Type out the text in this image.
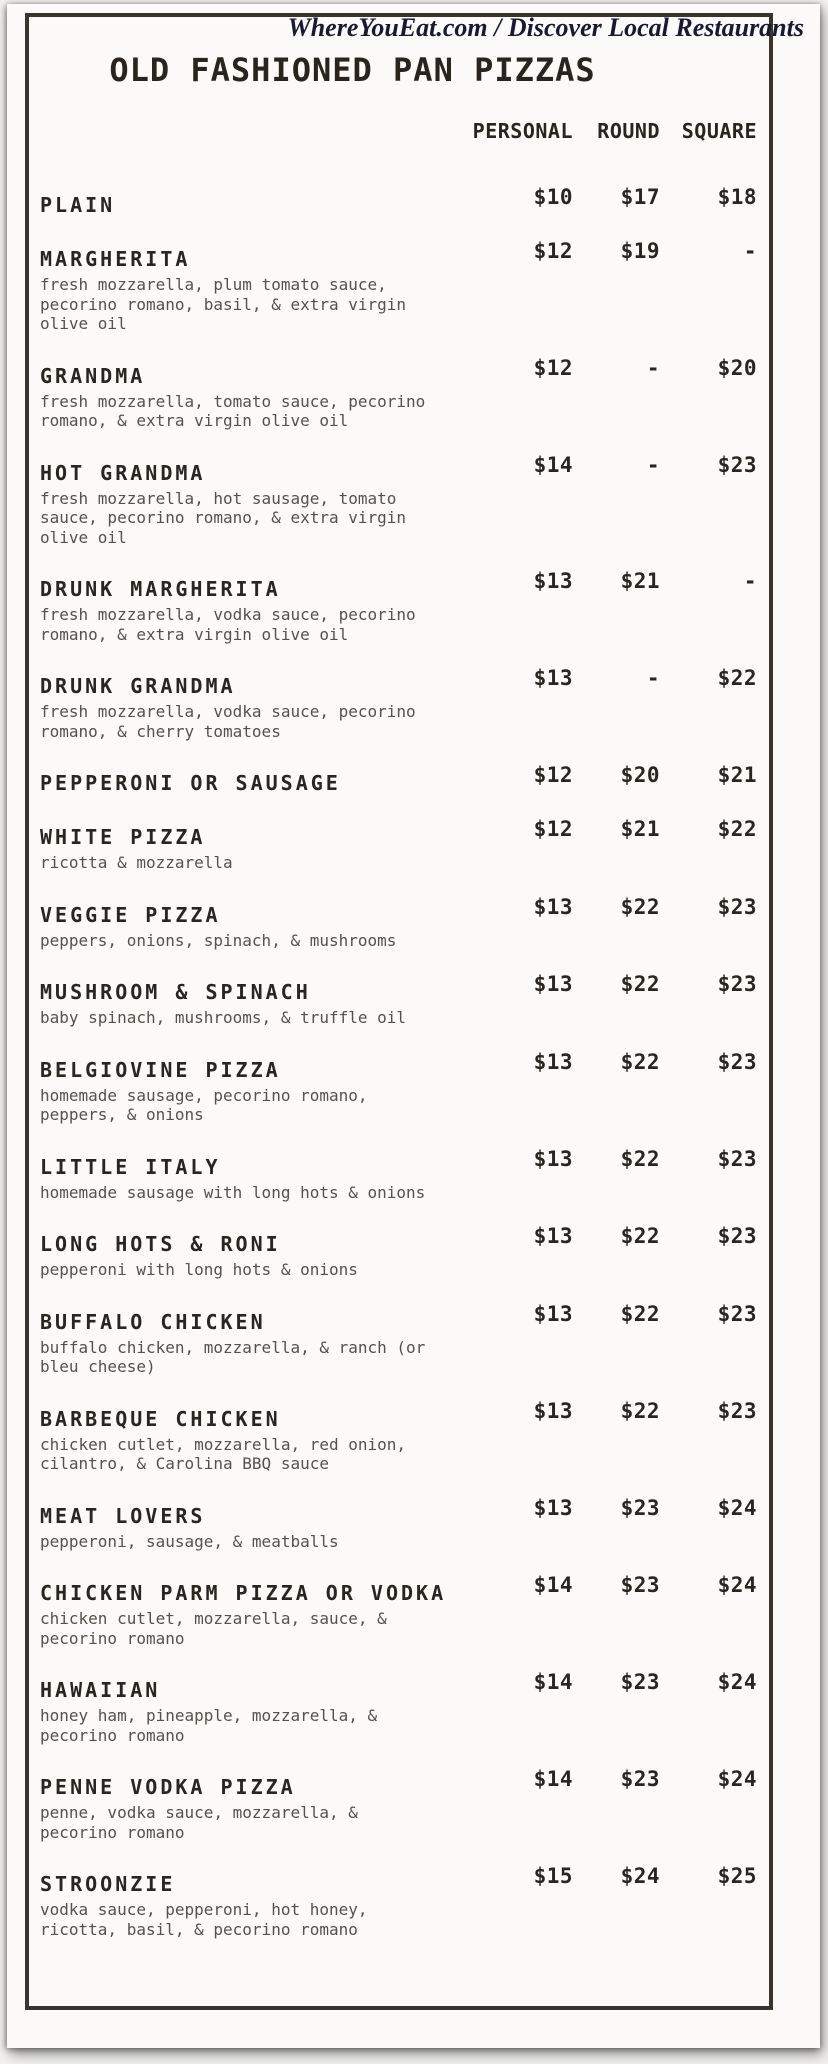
WhereYouEat.com / Discover Local Restaurants
OLD FASHIONED PAN PIZZAS
PERSONAL	ROUND	SQUARE
PLAIN	$10	$17	$18
MARGHERITA
fresh mozzarella, plum tomato sauce, pecorino romano, basil, & extra virgin olive oil
$12	$19	-
GRANDMA
fresh mozzarella, tomato sauce, pecorino romano, & extra virgin olive oil
$12	-	$20
HOT GRANDMA
fresh mozzarella, hot sausage, tomato sauce, pecorino romano, & extra virgin olive oil
$14	-	$23
DRUNK MARGHERITA
fresh mozzarella, vodka sauce, pecorino romano, & extra virgin olive oil
$13	$21	-
DRUNK GRANDMA
fresh mozzarella, vodka sauce, pecorino romano, & cherry tomatoes
$13	-	$22
PEPPERONI OR SAUSAGE	$12	$20	$21
WHITE PIZZA
ricotta & mozzarella
$12	$21	$22
VEGGIE PIZZA
peppers, onions, spinach, & mushrooms
$13	$22	$23
MUSHROOM & SPINACH
baby spinach, mushrooms, & truffle oil
$13	$22	$23
BELGIOVINE PIZZA
homemade sausage, pecorino romano, peppers, & onions
$13	$22	$23
LITTLE ITALY
homemade sausage with long hots & onions
$13	$22	$23
LONG HOTS & RONI
pepperoni with long hots & onions
$13	$22	$23
BUFFALO CHICKEN
buffalo chicken, mozzarella, & ranch (or bleu cheese)
$13	$22	$23
BARBEQUE CHICKEN
chicken cutlet, mozzarella, red onion, cilantro, & Carolina BBQ sauce
$13	$22	$23
MEAT LOVERS
pepperoni, sausage, & meatballs
$13	$23	$24
CHICKEN PARM PIZZA OR VODKA
chicken cutlet, mozzarella, sauce, & pecorino romano
$14	$23	$24
HAWAIIAN
honey ham, pineapple, mozzarella, & pecorino romano
$14	$23	$24
PENNE VODKA PIZZA
penne, vodka sauce, mozzarella, & pecorino romano
$14	$23	$24
STROONZIE
vodka sauce, pepperoni, hot honey, ricotta, basil, & pecorino romano
$15	$24	$25
